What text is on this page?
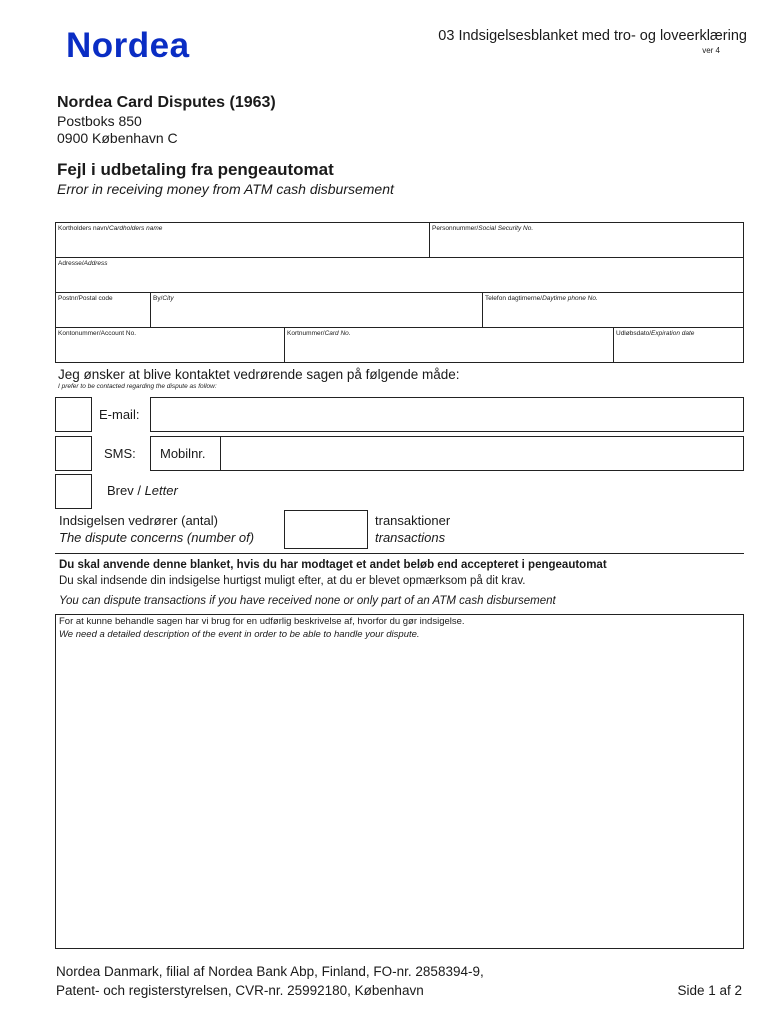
Nordea	03 Indsigelsesblanket med tro- og loveerklæring
ver 4
Nordea Card Disputes (1963)
Postboks 850
0900 København C
Fejl i udbetaling fra pengeautomat
Error in receiving money from ATM cash disbursement
Kortholders navn/Cardholders name	Personnummer/Social Security No.
Adresse/Address
Postnr/Postal code	By/City	Telefon dagtimerne/Daytime phone No.
Kontonummer/Account No.	Kortnummer/Card No.	Udløbsdato/Expiration date
Jeg ønsker at blive kontaktet vedrørende sagen på følgende måde:
I prefer to be contacted regarding the dispute as follow:
E-mail:
SMS: Mobilnr.
Brev / Letter
Indsigelsen vedrører (antal)
The dispute concerns (number of)
transaktioner
transactions
Du skal anvende denne blanket, hvis du har modtaget et andet beløb end accepteret i pengeautomat
Du skal indsende din indsigelse hurtigst muligt efter, at du er blevet opmærksom på dit krav.
You can dispute transactions if you have received none or only part of an ATM cash disbursement
For at kunne behandle sagen har vi brug for en udførlig beskrivelse af, hvorfor du gør indsigelse.
We need a detailed description of the event in order to be able to handle your dispute.
Nordea Danmark, filial af Nordea Bank Abp, Finland, FO-nr. 2858394-9,
Patent- och registerstyrelsen, CVR-nr. 25992180, København	Side 1 af 2
